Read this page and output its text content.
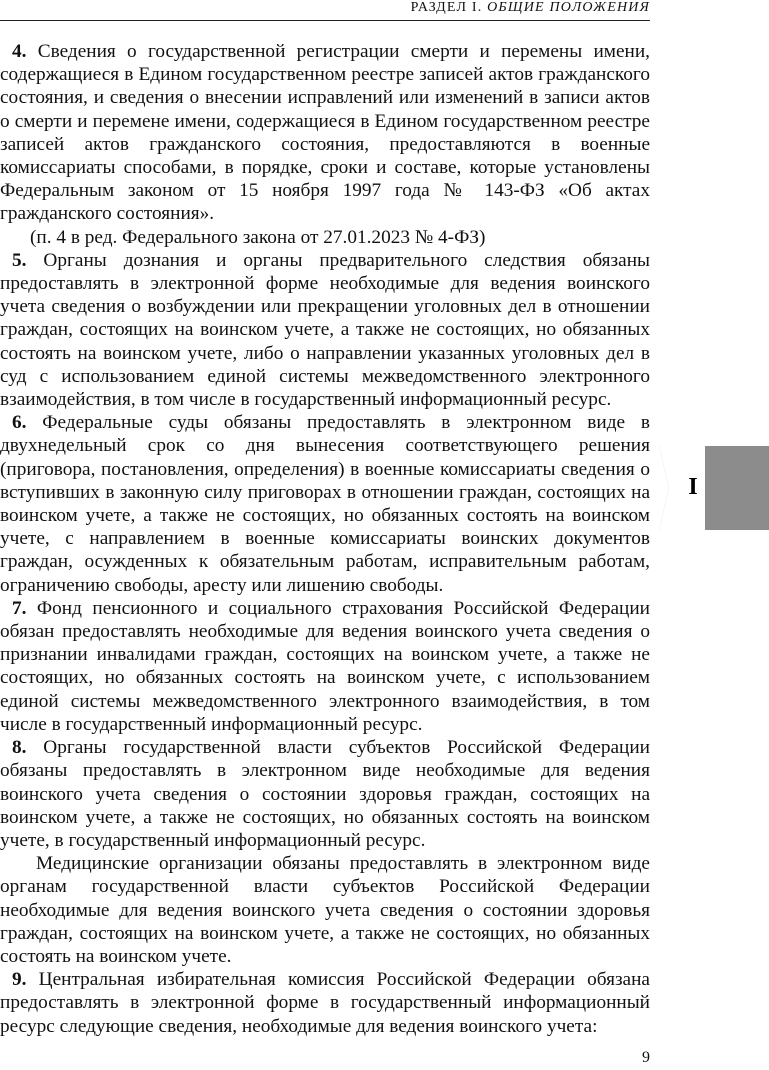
РАЗДЕЛ I. ОБЩИЕ ПОЛОЖЕНИЯ

4. Сведения о государственной регистрации смерти и перемены имени, содержащиеся в Едином государственном реестре записей актов гражданского состояния, и сведения о внесении исправлений или изменений в записи актов о смерти и перемене имени, содержащиеся в Едином государственном реестре записей актов гражданского состояния, предоставляются в военные комиссариаты способами, в порядке, сроки и составе, которые установлены Федеральным законом от 15 ноября 1997 года № 143-ФЗ «Об актах гражданского состояния».

(п. 4 в ред. Федерального закона от 27.01.2023 № 4-ФЗ)

5. Органы дознания и органы предварительного следствия обязаны предоставлять в электронной форме необходимые для ведения воинского учета сведения о возбуждении или прекращении уголовных дел в отношении граждан, состоящих на воинском учете, а также не состоящих, но обязанных состоять на воинском учете, либо о направлении указанных уголовных дел в суд с использованием единой системы межведомственного электронного взаимодействия, в том числе в государственный информационный ресурс.

6. Федеральные суды обязаны предоставлять в электронном виде в двухнедельный срок со дня вынесения соответствующего решения (приговора, постановления, определения) в военные комиссариаты сведения о вступивших в законную силу приговорах в отношении граждан, состоящих на воинском учете, а также не состоящих, но обязанных состоять на воинском учете, с направлением в военные комиссариаты воинских документов граждан, осужденных к обязательным работам, исправительным работам, ограничению свободы, аресту или лишению свободы.

7. Фонд пенсионного и социального страхования Российской Федерации обязан предоставлять необходимые для ведения воинского учета сведения о признании инвалидами граждан, состоящих на воинском учете, а также не состоящих, но обязанных состоять на воинском учете, с использованием единой системы межведомственного электронного взаимодействия, в том числе в государственный информационный ресурс.

8. Органы государственной власти субъектов Российской Федерации обязаны предоставлять в электронном виде необходимые для ведения воинского учета сведения о состоянии здоровья граждан, состоящих на воинском учете, а также не состоящих, но обязанных состоять на воинском учете, в государственный информационный ресурс.

Медицинские организации обязаны предоставлять в электронном виде органам государственной власти субъектов Российской Федерации необходимые для ведения воинского учета сведения о состоянии здоровья граждан, состоящих на воинском учете, а также не состоящих, но обязанных состоять на воинском учете.

9. Центральная избирательная комиссия Российской Федерации обязана предоставлять в электронной форме в государственный информационный ресурс следующие сведения, необходимые для ведения воинского учета:

I
9
